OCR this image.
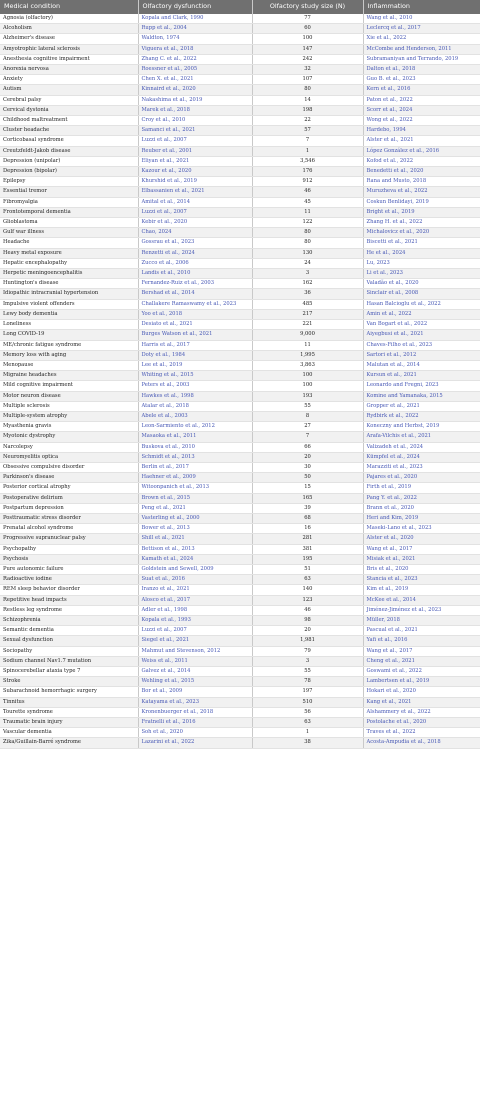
Medical condition	Olfactory dysfunction	Olfactory study size (N)	Inflammation
Agnosia (olfactory)	Kopala and Clark, 1990	77	Wang et al., 2010
Alcoholism	Rupp et al., 2004	60	Leclercq et al., 2017
Alzheimer's disease	Waldton, 1974	100	Xie et al., 2022
Amyotrophic lateral sclerosis	Viguera et al., 2018	147	McCombe and Henderson, 2011
Anesthesia cognitive impairment	Zhang C. et al., 2022	242	Subramaniyan and Terrando, 2019
Anorexia nervosa	Roessner et al., 2005	32	Dalton et al., 2018
Anxiety	Chen X. et al., 2021	107	Guo B. et al., 2023
Autism	Kinnaird et al., 2020	80	Kern et al., 2016
Cerebral palsy	Nakashima et al., 2019	14	Paton et al., 2022
Cervical dystonia	Marek et al., 2018	198	Scorr et al., 2024
Childhood maltreatment	Croy et al., 2010	22	Wong et al., 2022
Cluster headache	Samanci et al., 2021	57	Hardebo, 1994
Corticobasal syndrome	Luzzi et al., 2007	7	Alster et al., 2021
Creutzfeldt-Jakob disease	Reuber et al., 2001	1	López González et al., 2016
Depression (unipolar)	Eliyan et al., 2021	3,546	Kofod et al., 2022
Depression (bipolar)	Kazour et al., 2020	176	Benedetti et al., 2020
Epilepsy	Khurshid et al., 2019	912	Rana and Musto, 2018
Essential tremor	Elbassanien et al., 2021	46	Muruzheva et al., 2022
Fibromyalgia	Amital et al., 2014	45	Coskun Benlidayi, 2019
Frontotemporal dementia	Luzzi et al., 2007	11	Bright et al., 2019
Glioblastoma	Kebir et al., 2020	122	Zhang H. et al., 2022
Gulf war illness	Chao, 2024	80	Michalovicz et al., 2020
Headache	Gossrau et al., 2023	80	Biscetti et al., 2021
Heavy metal exposure	Renzetti et al., 2024	130	He et al., 2024
Hepatic encephalopathy	Zucco et al., 2006	24	Lu, 2023
Herpetic meningoencephalitis	Landis et al., 2010	3	Li et al., 2023
Huntington's disease	Fernandez-Ruiz et al., 2003	162	Valadão et al., 2020
Idiopathic intracranial hypertension	Bershad et al., 2014	36	Sinclair et al., 2008
Impulsive violent offenders	Challakere Ramaswamy et al., 2023	485	Hasan Balcioglu et al., 2022
Lewy body dementia	Yoo et al., 2018	217	Amin et al., 2022
Loneliness	Desiato et al., 2021	221	Van Bogart et al., 2022
Long COVID-19	Burges Watson et al., 2021	9,000	Aiyegbusi et al., 2021
ME/chronic fatigue syndrome	Harris et al., 2017	11	Chaves-Filho et al., 2023
Memory loss with aging	Doty et al., 1984	1,995	Sartori et al., 2012
Menopause	Lee et al., 2019	3,863	Malutan et al., 2014
Migraine headaches	Whiting et al., 2015	100	Kursun et al., 2021
Mild cognitive impairment	Peters et al., 2003	100	Leonardo and Fregni, 2023
Motor neuron disease	Hawkes et al., 1998	193	Komine and Yamanaka, 2015
Multiple sclerosis	Atalar et al., 2018	55	Gropper et al., 2021
Multiple-system atrophy	Abele et al., 2003	8	Rydbirk et al., 2022
Myasthenia gravis	Leon-Sarmiento et al., 2012	27	Koneczny and Herbst, 2019
Myotonic dystrophy	Masaoka et al., 2011	7	Arafa-Vilchis et al., 2021
Narcolepsy	Buskova et al., 2010	66	Valizadeh et al., 2024
Neuromyelitis optica	Schmidt et al., 2013	20	Kümpfel et al., 2024
Obsessive compulsive disorder	Berlin et al., 2017	30	Marazziti et al., 2023
Parkinson's disease	Haehner et al., 2009	50	Pajares et al., 2020
Posterior cortical atrophy	Witoonpanich et al., 2013	15	Firth et al., 2019
Postoperative delirium	Brown et al., 2015	165	Pang Y. et al., 2022
Postpartum depression	Peng et al., 2021	39	Brann et al., 2020
Posttraumatic stress disorder	Vasterling et al., 2000	68	Heri and Kim, 2019
Prenatal alcohol syndrome	Bower et al., 2013	16	Maseki-Lano et al., 2023
Progressive supranuclear palsy	Shill et al., 2021	281	Alster et al., 2020
Psychopathy	Bettison et al., 2013	381	Wang et al., 2017
Psychosis	Kamath et al., 2024	195	Misiak et al., 2021
Pure autonomic failure	Goldstein and Sewell, 2009	51	Bris et al., 2020
Radioactive iodine	Suat et al., 2016	63	Stancia et al., 2023
REM sleep behavior disorder	Iranzo et al., 2021	140	Kim et al., 2019
Repetitive head impacts	Alosco et al., 2017	123	McKee et al., 2014
Restless leg syndrome	Adler et al., 1998	46	Jiménez-Jiménez et al., 2023
Schizophrenia	Kopala et al., 1993	98	Müller, 2018
Semantic dementia	Luzzi et al., 2007	20	Pascual et al., 2021
Sexual dysfunction	Siegel et al., 2021	1,981	Yafi et al., 2016
Sociopathy	Mahmut and Stevenson, 2012	79	Wang et al., 2017
Sodium channel Nav1.7 mutation	Weiss et al., 2011	3	Cheng et al., 2021
Spinocerebellar ataxia type 7	Galvez et al., 2014	55	Goswami et al., 2022
Stroke	Wehling et al., 2015	78	Lambertsen et al., 2019
Subarachnoid hemorrhagic surgery	Bor et al., 2009	197	Hokari et al., 2020
Tinnitus	Katayama et al., 2023	510	Kang et al., 2021
Tourette syndrome	Kronenbuerger et al., 2018	56	Alshammery et al., 2022
Traumatic brain injury	Fratnelli et al., 2016	63	Postolache et al., 2020
Vascular dementia	Soh et al., 2020	1	Traves et al., 2022
Zika/Guillain-Barré syndrome	Lazarini et al., 2022	38	Acosta-Ampudia et al., 2018
